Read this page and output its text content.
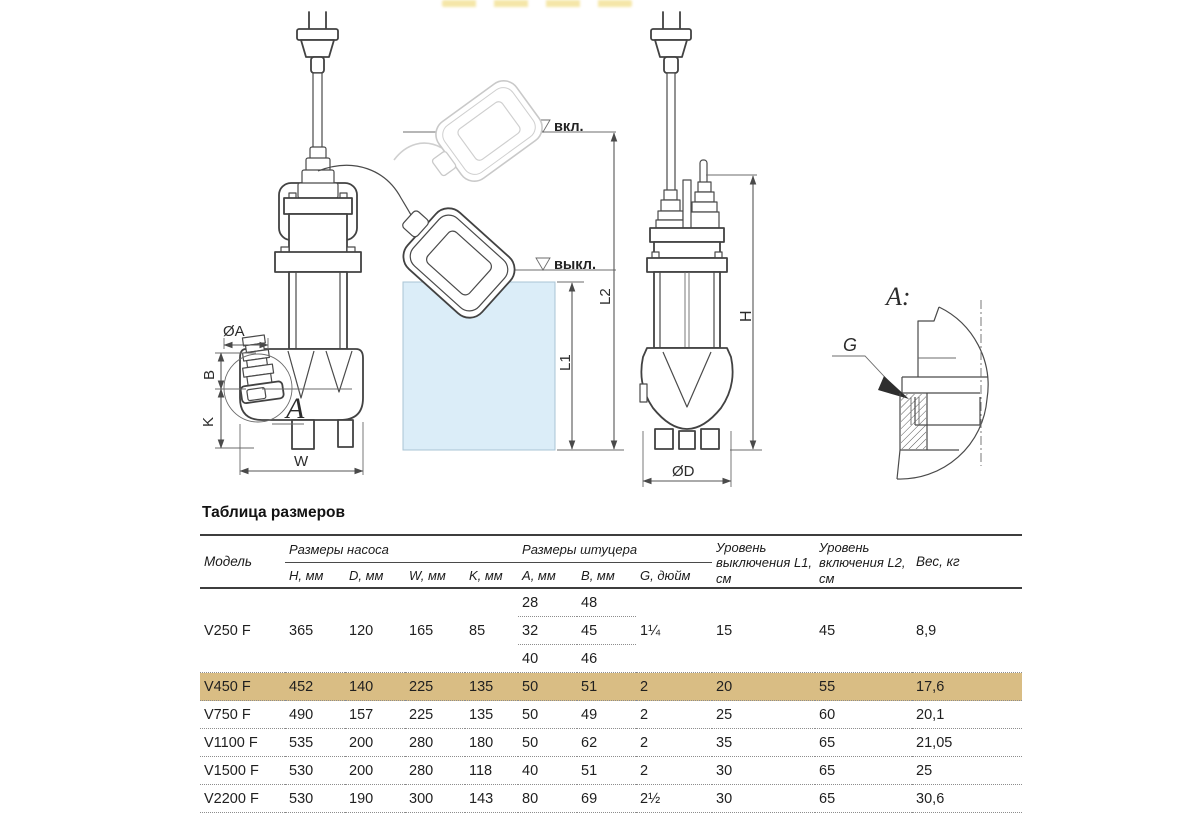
A
ØA
B
K
W
вкл.
выкл.
L1
L2
H
ØD
А:
G
Таблица размеров
Модель	Размеры насоса				Размеры штуцера			Уровень выключения L1, см	Уровень включения L2, см	Вес, кг
	H, мм	D, мм	W, мм	K, мм	A, мм	B, мм	G, дюйм			
V250 F	365	120	165	85	28	48	1¼	15	45	8,9
					32	45				
					40	46				
V450 F	452	140	225	135	50	51	2	20	55	17,6
V750 F	490	157	225	135	50	49	2	25	60	20,1
V1100 F	535	200	280	180	50	62	2	35	65	21,05
V1500 F	530	200	280	118	40	51	2	30	65	25
V2200 F	530	190	300	143	80	69	2½	30	65	30,6
